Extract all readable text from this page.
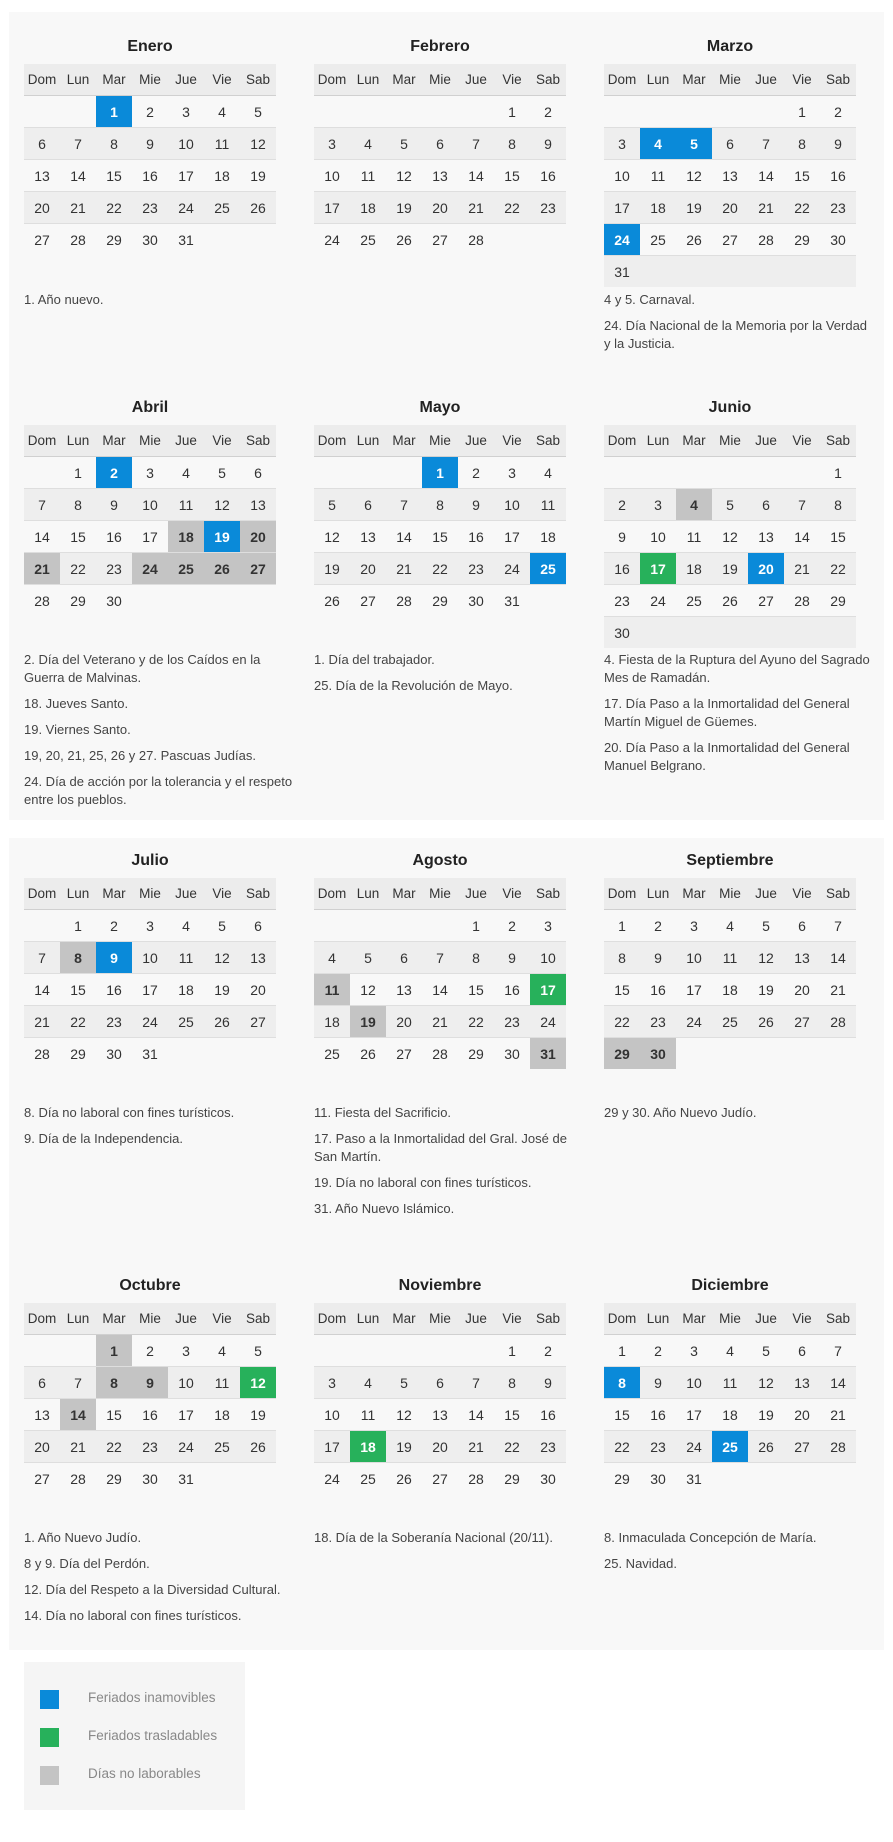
Enero
Dom	Lun	Mar	Mie	Jue	Vie	Sab
		1	2	3	4	5
6	7	8	9	10	11	12
13	14	15	16	17	18	19
20	21	22	23	24	25	26
27	28	29	30	31		

1. Año nuevo.

Febrero
Dom	Lun	Mar	Mie	Jue	Vie	Sab
					1	2
3	4	5	6	7	8	9
10	11	12	13	14	15	16
17	18	19	20	21	22	23
24	25	26	27	28		
Marzo
Dom	Lun	Mar	Mie	Jue	Vie	Sab
					1	2
3	4	5	6	7	8	9
10	11	12	13	14	15	16
17	18	19	20	21	22	23
24	25	26	27	28	29	30
31						

4 y 5. Carnaval.

24. Día Nacional de la Memoria por la Verdad y la Justicia.

Abril
Dom	Lun	Mar	Mie	Jue	Vie	Sab
	1	2	3	4	5	6
7	8	9	10	11	12	13
14	15	16	17	18	19	20
21	22	23	24	25	26	27
28	29	30				

2. Día del Veterano y de los Caídos en la Guerra de Malvinas.

18. Jueves Santo.

19. Viernes Santo.

19, 20, 21, 25, 26 y 27. Pascuas Judías.

24. Día de acción por la tolerancia y el respeto entre los pueblos.

Mayo
Dom	Lun	Mar	Mie	Jue	Vie	Sab
			1	2	3	4
5	6	7	8	9	10	11
12	13	14	15	16	17	18
19	20	21	22	23	24	25
26	27	28	29	30	31	

1. Día del trabajador.

25. Día de la Revolución de Mayo.

Junio
Dom	Lun	Mar	Mie	Jue	Vie	Sab
						1
2	3	4	5	6	7	8
9	10	11	12	13	14	15
16	17	18	19	20	21	22
23	24	25	26	27	28	29
30						

4. Fiesta de la Ruptura del Ayuno del Sagrado Mes de Ramadán.

17. Día Paso a la Inmortalidad del General Martín Miguel de Güemes.

20. Día Paso a la Inmortalidad del General Manuel Belgrano.

Julio
Dom	Lun	Mar	Mie	Jue	Vie	Sab
	1	2	3	4	5	6
7	8	9	10	11	12	13
14	15	16	17	18	19	20
21	22	23	24	25	26	27
28	29	30	31			

8. Día no laboral con fines turísticos.

9. Día de la Independencia.

Agosto
Dom	Lun	Mar	Mie	Jue	Vie	Sab
				1	2	3
4	5	6	7	8	9	10
11	12	13	14	15	16	17
18	19	20	21	22	23	24
25	26	27	28	29	30	31

11. Fiesta del Sacrificio.

17. Paso a la Inmortalidad del Gral. José de San Martín.

19. Día no laboral con fines turísticos.

31. Año Nuevo Islámico.

Septiembre
Dom	Lun	Mar	Mie	Jue	Vie	Sab
1	2	3	4	5	6	7
8	9	10	11	12	13	14
15	16	17	18	19	20	21
22	23	24	25	26	27	28
29	30					

29 y 30. Año Nuevo Judío.

Octubre
Dom	Lun	Mar	Mie	Jue	Vie	Sab
		1	2	3	4	5
6	7	8	9	10	11	12
13	14	15	16	17	18	19
20	21	22	23	24	25	26
27	28	29	30	31		

1. Año Nuevo Judío.

8 y 9. Día del Perdón.

12. Día del Respeto a la Diversidad Cultural.

14. Día no laboral con fines turísticos.

Noviembre
Dom	Lun	Mar	Mie	Jue	Vie	Sab
					1	2
3	4	5	6	7	8	9
10	11	12	13	14	15	16
17	18	19	20	21	22	23
24	25	26	27	28	29	30

18. Día de la Soberanía Nacional (20/11).

Diciembre
Dom	Lun	Mar	Mie	Jue	Vie	Sab
1	2	3	4	5	6	7
8	9	10	11	12	13	14
15	16	17	18	19	20	21
22	23	24	25	26	27	28
29	30	31				

8. Inmaculada Concepción de María.

25. Navidad.

Feriados inamovibles
Feriados trasladables
Días no laborables
